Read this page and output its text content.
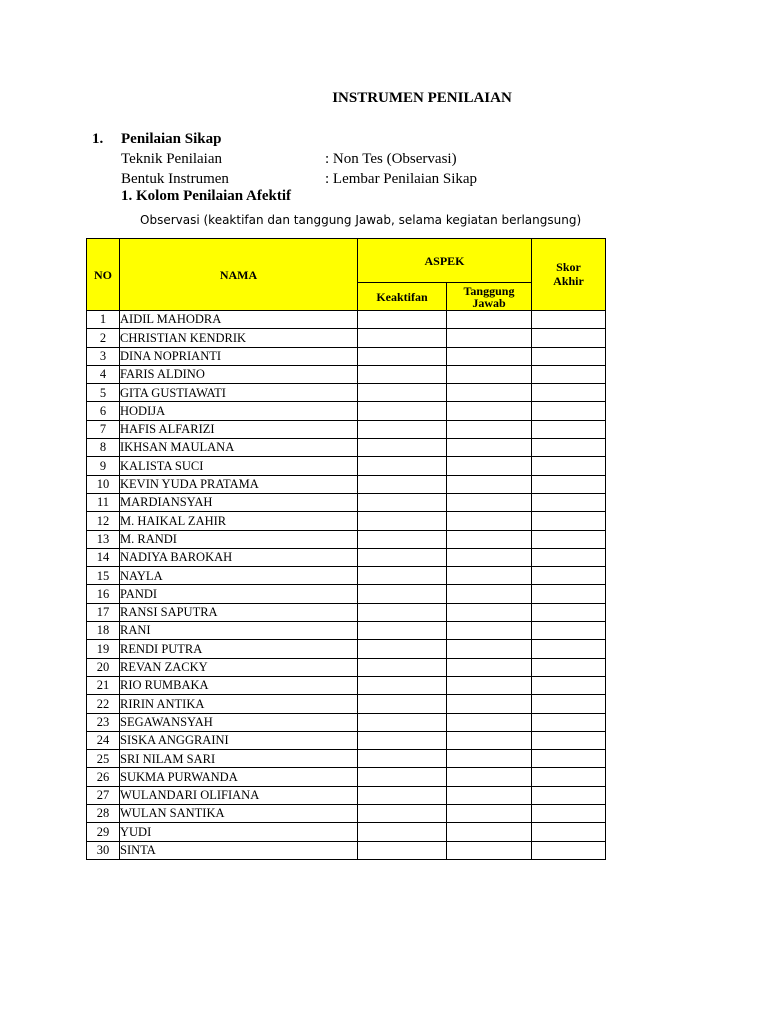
INSTRUMEN PENILAIAN
1. Penilaian Sikap
Teknik Penilaian	: Non Tes (Observasi)
Bentuk Instrumen	: Lembar Penilaian Sikap
1. Kolom Penilaian Afektif
Observasi (keaktifan dan tanggung Jawab, selama kegiatan berlangsung)
NO	NAMA	ASPEK		Skor Akhir
		Keaktifan	Tanggung Jawab	
1	AIDIL MAHODRA			
2	CHRISTIAN KENDRIK			
3	DINA NOPRIANTI			
4	FARIS ALDINO			
5	GITA GUSTIAWATI			
6	HODIJA			
7	HAFIS ALFARIZI			
8	IKHSAN MAULANA			
9	KALISTA SUCI			
10	KEVIN YUDA PRATAMA			
11	MARDIANSYAH			
12	M. HAIKAL ZAHIR			
13	M. RANDI			
14	NADIYA BAROKAH			
15	NAYLA			
16	PANDI			
17	RANSI SAPUTRA			
18	RANI			
19	RENDI PUTRA			
20	REVAN ZACKY			
21	RIO RUMBAKA			
22	RIRIN ANTIKA			
23	SEGAWANSYAH			
24	SISKA ANGGRAINI			
25	SRI NILAM SARI			
26	SUKMA PURWANDA			
27	WULANDARI OLIFIANA			
28	WULAN SANTIKA			
29	YUDI			
30	SINTA			
